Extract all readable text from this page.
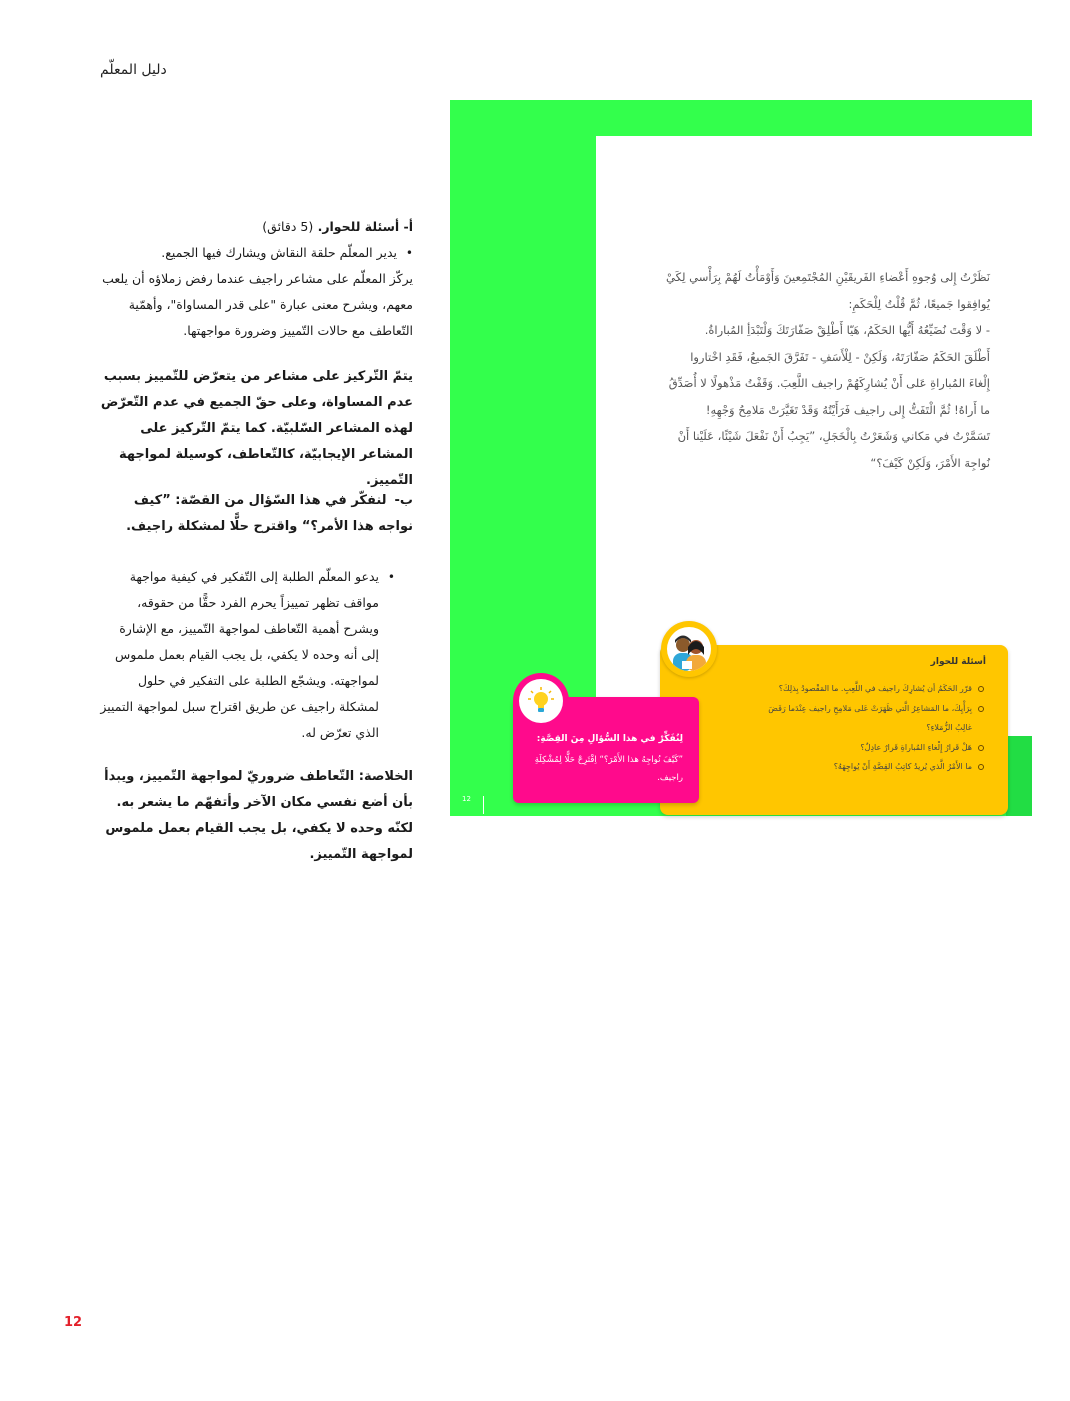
دليل المعلّم
أ- أسئلة للحوار. (5 دقائق)
• يدير المعلّم حلقة النقاش ويشارك فيها الجميع.
يركّز المعلّم على مشاعر راجيف عندما رفض زملاؤه أن يلعب معهم، ويشرح معنى عبارة "على قدر المساواة"، وأهمّية التّعاطف مع حالات التّمييز وضرورة مواجهتها.
يتمّ التّركيز على مشاعر من يتعرّض للتّمييز بسبب عدم المساواة، وعلى حقّ الجميع في عدم التّعرّض لهذه المشاعر السّلبيّة. كما يتمّ التّركيز على المشاعر الإيجابيّة، كالتّعاطف، كوسيلة لمواجهة التّمييز.
ب-لنفكّر في هذا السّؤال من القصّة: ”كيف نواجه هذا الأمر؟“ واقترح حلًّا لمشكلة راجيف.
• يدعو المعلّم الطلبة إلى التّفكير في كيفية مواجهة مواقف تظهر تمييزاً يحرم الفرد حقًّا من حقوقه، ويشرح أهمية التّعاطف لمواجهة التّمييز، مع الإشارة إلى أنه وحده لا يكفي، بل يجب القيام بعمل ملموس لمواجهته. ويشجّع الطلبة على التفكير في حلول لمشكلة راجيف عن طريق اقتراح سبل لمواجهة التمييز الذي تعرّض له.
الخلاصة: التّعاطف ضروريّ لمواجهة التّمييز، ويبدأ بأن أضع نفسي مكان الآخر وأتفهّم ما يشعر به. لكنّه وحده لا يكفي، بل يجب القيام بعمل ملموس لمواجهة التّمييز.
نَظَرْتُ إِلى وُجوهِ أَعْضاءِ الفَريقَيْنِ المُجْتَمِعينَ وَأَوْمَأْتُ لَهُمْ بِرَأْسي لِكَيْ
يُوافِقوا جَميعًا، ثُمَّ قُلْتُ لِلْحَكَمِ:
- لا وَقْتَ نُضَيِّعُهُ أَيُّها الحَكَمُ، هَيّا أَطْلِقْ صَفّارَتَكَ وَلْتَبْدَأِ المُباراةُ.
أَطْلَقَ الحَكَمُ صَفّارَتَهُ، وَلَكِنْ - لِلْأَسَفِ - تَفَرَّقَ الجَميعُ، فَقَدِ اخْتاروا
إِلْغاءَ المُباراةِ عَلى أَنْ يُشارِكَهُمْ راجيف اللَّعِبَ. وَقَفْتُ مَذْهولًا لا أُصَدِّقُ
ما أَراهُ! ثُمَّ الْتَفَتُّ إِلى راجيف فَرَأَيْتُهُ وَقَدْ تَغَيَّرَتْ مَلامِحُ وَجْهِهِ!
تَسَمَّرْتُ في مَكاني وَشَعَرْتُ بِالْخَجَلِ، ”يَجِبُ أَنْ نَفْعَلَ شَيْئًا، عَلَيْنا أَنْ
نُواجِهَ الأَمْرَ، وَلَكِنْ كَيْفَ؟“
أسئلة للحوار
قرّر الحَكَمُ أن يُشارِكَ راجيف في اللَّعِبِ. ما المَقْصودُ بِذلِكَ؟
بِرَأْيِكَ، ما المَشاعِرُ الَّتي ظَهَرَتْ عَلى مَلامِحِ راجيف عِنْدَما رَفَضَ
غالِبُ الزُّمَلاءِ؟
هَلْ قَرارُ إِلْغاءِ المُباراةِ قَرارٌ عادِلٌ؟
ما الأَمْرُ الَّذي يُريدُ كاتِبُ القِصَّةِ أَنْ يُواجِهَهُ؟
لِنُفَكِّرْ في هذا السُّؤالِ مِنَ القِصَّةِ:
”كَيْفَ نُواجِهُ هذا الأَمْرَ؟“ اِقْتَرِحْ حَلًّا لِمُشْكِلَةِ راجيف.
12
12
